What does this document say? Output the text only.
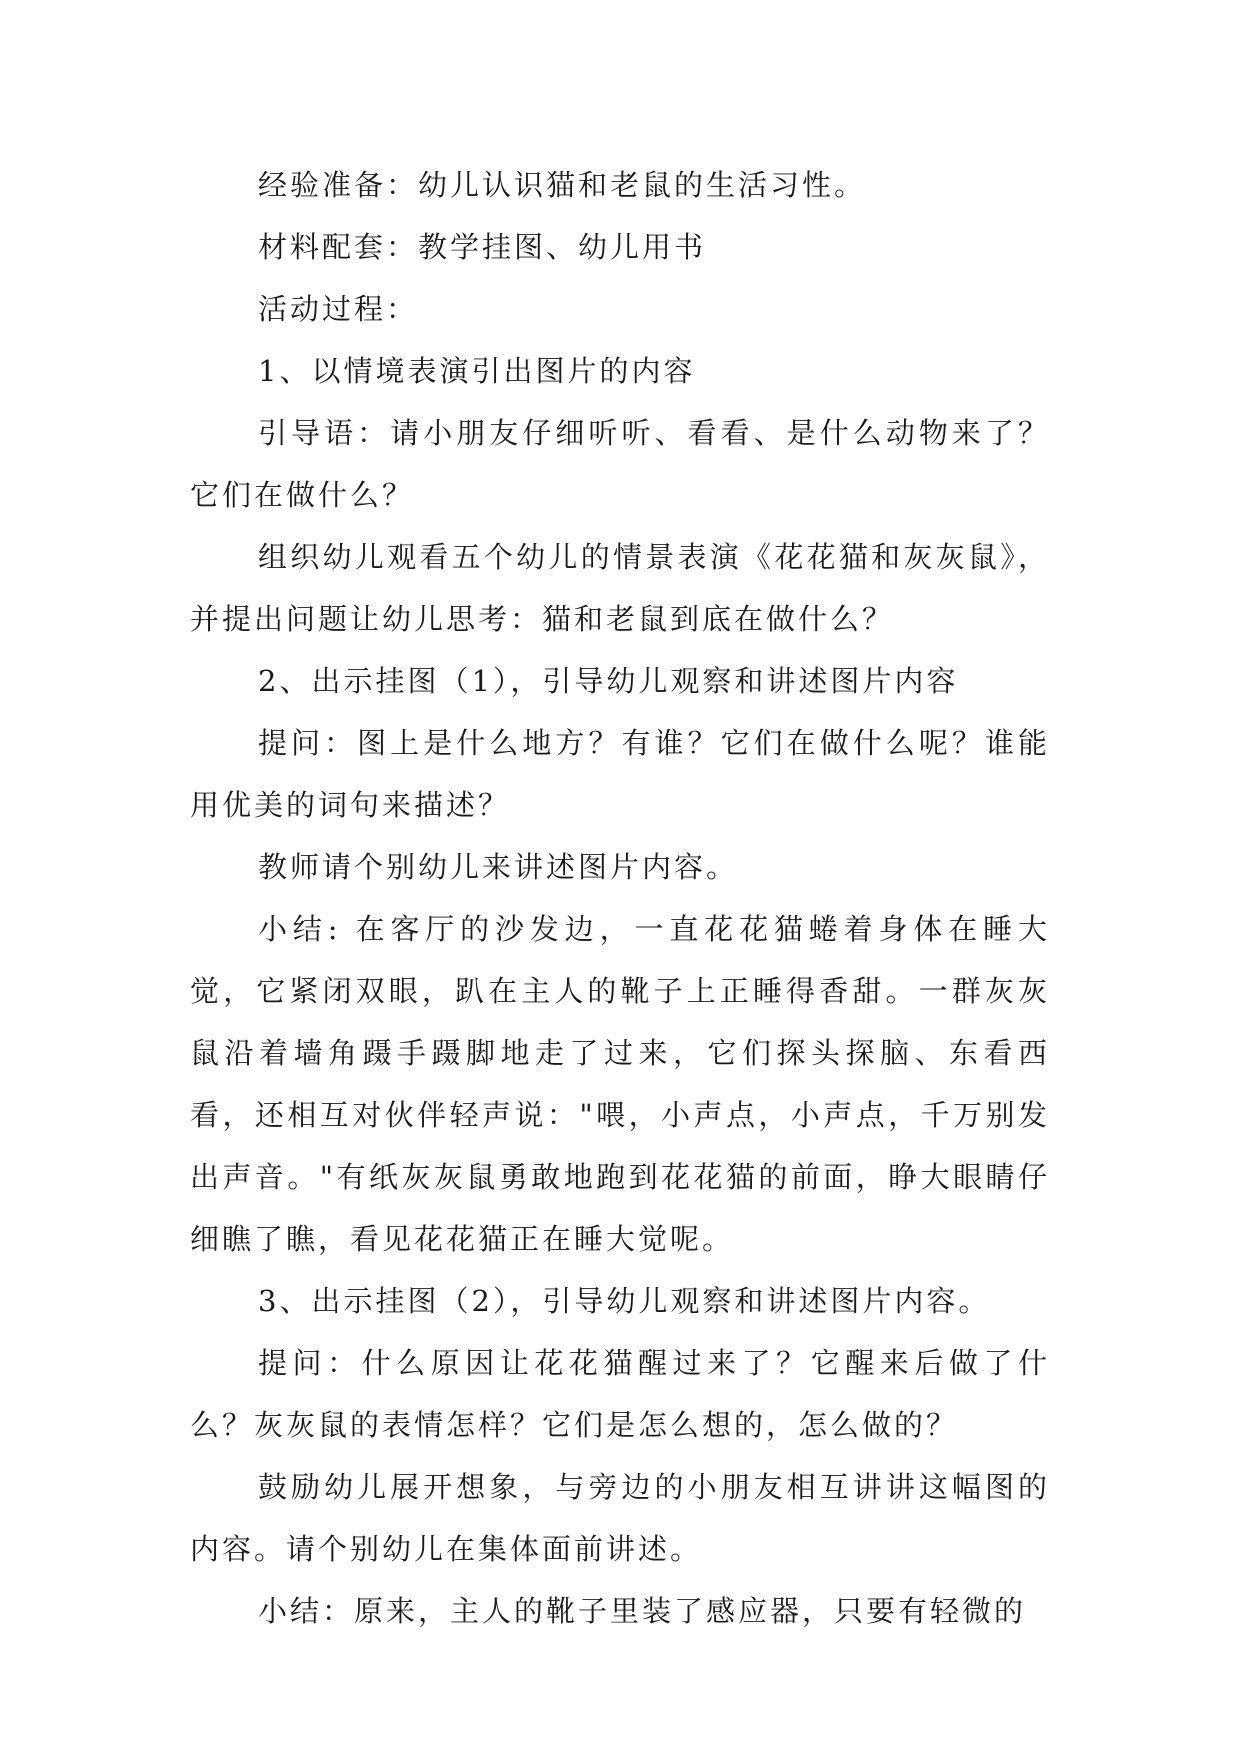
经验准备：幼儿认识猫和老鼠的生活习性。

材料配套：教学挂图、幼儿用书

活动过程：

1、以情境表演引出图片的内容

引导语：请小朋友仔细听听、看看、是什么动物来了？它们在做什么？

组织幼儿观看五个幼儿的情景表演《花花猫和灰灰鼠》，并提出问题让幼儿思考：猫和老鼠到底在做什么？

2、出示挂图（1），引导幼儿观察和讲述图片内容

提问：图上是什么地方？有谁？它们在做什么呢？谁能用优美的词句来描述？

教师请个别幼儿来讲述图片内容。

小结: 在客厅的沙发边，一直花花猫蜷着身体在睡大觉，它紧闭双眼，趴在主人的靴子上正睡得香甜。一群灰灰鼠沿着墙角蹑手蹑脚地走了过来，它们探头探脑、东看西看，还相互对伙伴轻声说："喂，小声点，小声点，千万别发出声音。"有纸灰灰鼠勇敢地跑到花花猫的前面，睁大眼睛仔细瞧了瞧，看见花花猫正在睡大觉呢。

3、出示挂图（2），引导幼儿观察和讲述图片内容。

提问：什么原因让花花猫醒过来了？它醒来后做了什么？灰灰鼠的表情怎样？它们是怎么想的，怎么做的？

鼓励幼儿展开想象，与旁边的小朋友相互讲讲这幅图的内容。请个别幼儿在集体面前讲述。

小结：原来，主人的靴子里装了感应器，只要有轻微的
